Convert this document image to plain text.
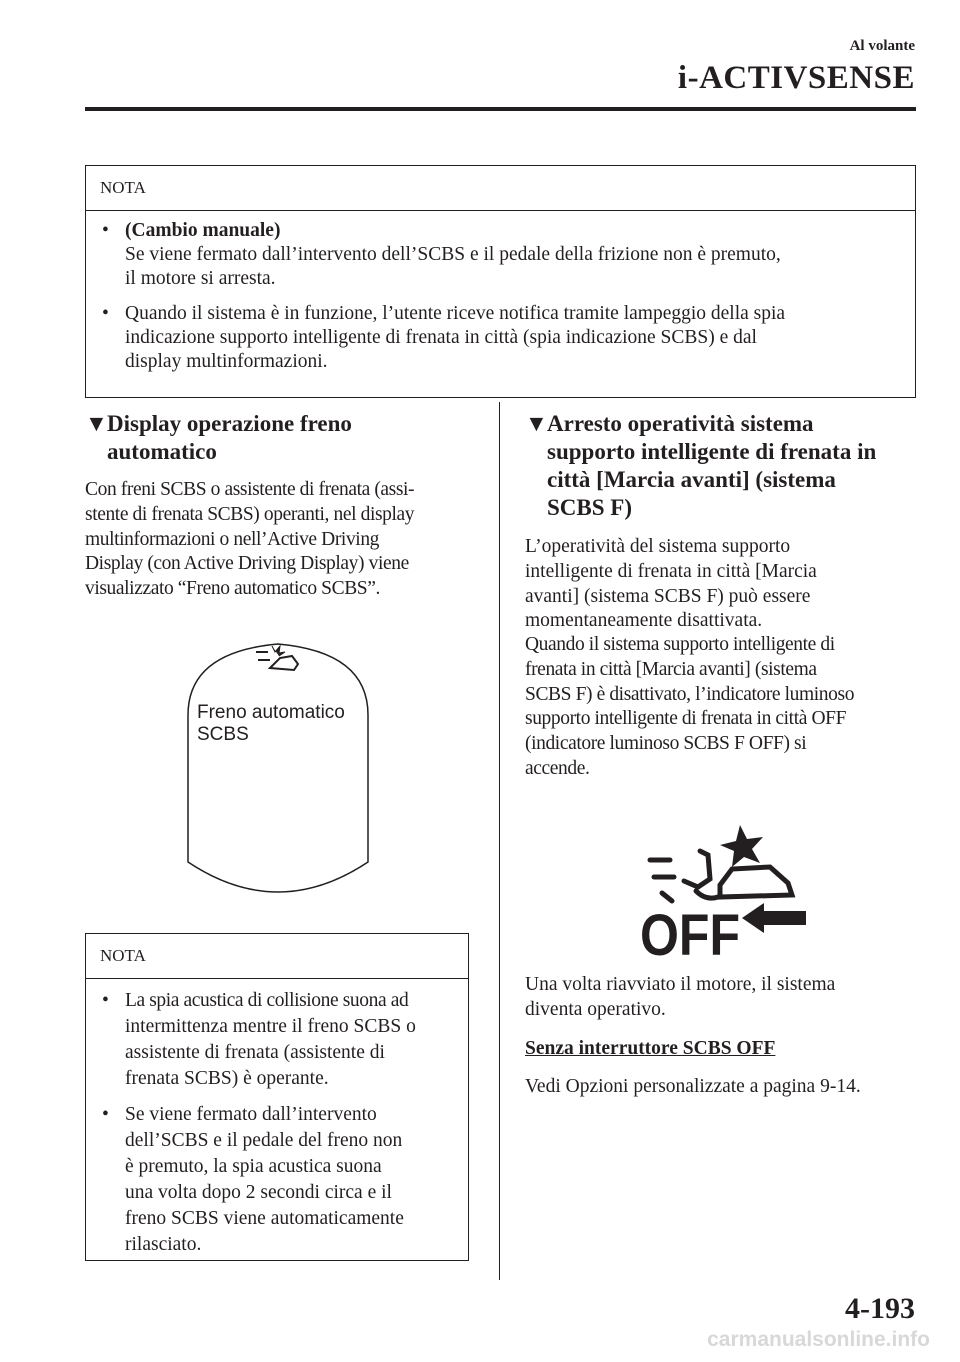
Al volante
i-ACTIVSENSE
NOTA
• (Cambio manuale)
Se viene fermato dall’intervento dell’SCBS e il pedale della frizione non è premuto,
il motore si arresta.
• Quando il sistema è in funzione, l’utente riceve notifica tramite lampeggio della spia
indicazione supporto intelligente di frenata in città (spia indicazione SCBS) e dal
display multinformazioni.
▼ Display operazione freno
automatico
Con freni SCBS o assistente di frenata (assi-
stente di frenata SCBS) operanti, nel display
multinformazioni o nell’Active Driving
Display (con Active Driving Display) viene
visualizzato “Freno automatico SCBS”.
Freno automatico
SCBS
NOTA
• La spia acustica di collisione suona ad
intermittenza mentre il freno SCBS o
assistente di frenata (assistente di
frenata SCBS) è operante.
• Se viene fermato dall’intervento
dell’SCBS e il pedale del freno non
è premuto, la spia acustica suona
una volta dopo 2 secondi circa e il
freno SCBS viene automaticamente
rilasciato.
▼ Arresto operatività sistema
supporto intelligente di frenata in
città [Marcia avanti] (sistema
SCBS F)
L’operatività del sistema supporto
intelligente di frenata in città [Marcia
avanti] (sistema SCBS F) può essere
momentaneamente disattivata.
Quando il sistema supporto intelligente di
frenata in città [Marcia avanti] (sistema
SCBS F) è disattivato, l’indicatore luminoso
supporto intelligente di frenata in città OFF
(indicatore luminoso SCBS F OFF) si
accende.
OFF
Una volta riavviato il motore, il sistema
diventa operativo.
Senza interruttore SCBS OFF
Vedi Opzioni personalizzate a pagina 9-14.
4-193
carmanualsonline.info
